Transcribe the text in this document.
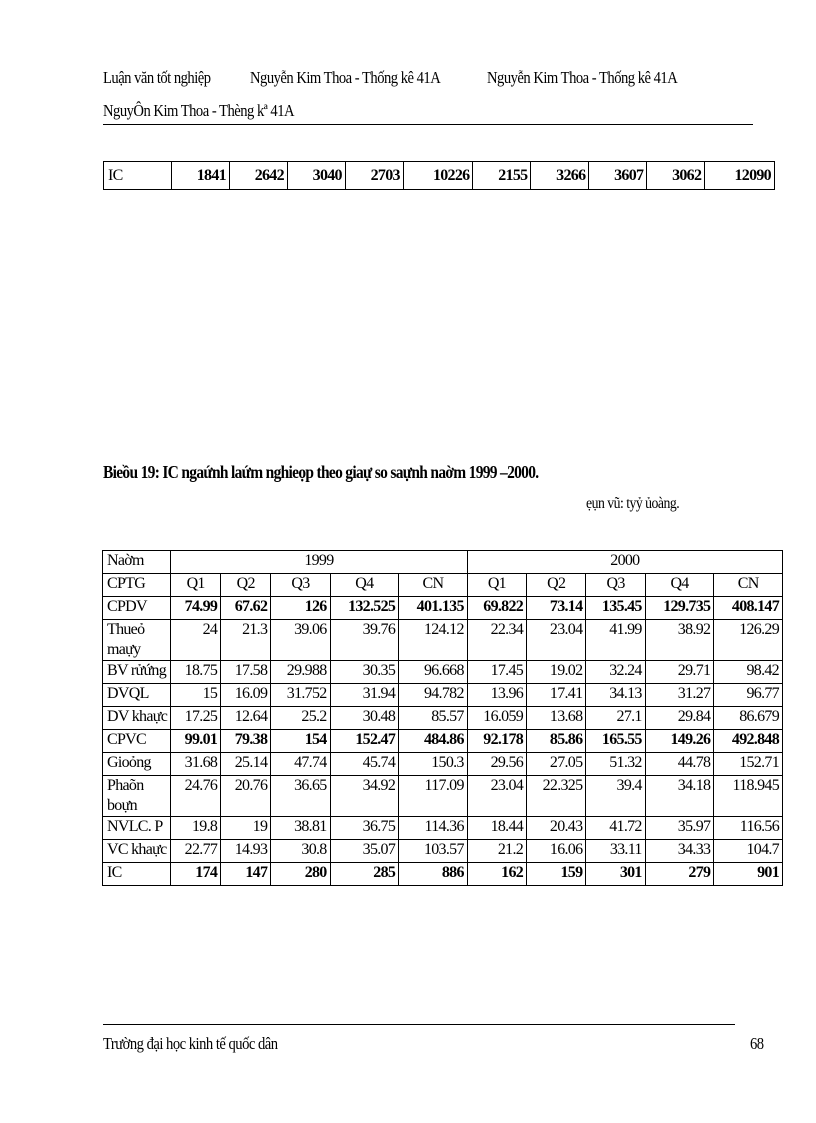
Luận văn tốt nghiệp Nguyễn Kim Thoa - Thống kê 41A	Nguyễn Kim Thoa - Thống kê 41A
NguyÔn Kim Thoa - Thèng kª 41A
IC	1841	2642	3040	2703	10226	2155	3266	3607	3062	12090
Bieồu 19: IC ngaứnh laứm nghieọp theo giaự so saựnh naờm 1999 –2000.
ẹụn vũ: tyỷ ủoàng.
Naờm	1999					2000				
CPTG	Q1	Q2	Q3	Q4	CN	Q1	Q2	Q3	Q4	CN
CPDV	74.99	67.62	126	132.525	401.135	69.822	73.14	135.45	129.735	408.147
Thueỏ maựy	24	21.3	39.06	39.76	124.12	22.34	23.04	41.99	38.92	126.29
BV rửứng	18.75	17.58	29.988	30.35	96.668	17.45	19.02	32.24	29.71	98.42
DVQL	15	16.09	31.752	31.94	94.782	13.96	17.41	34.13	31.27	96.77
DV khaực	17.25	12.64	25.2	30.48	85.57	16.059	13.68	27.1	29.84	86.679
CPVC	99.01	79.38	154	152.47	484.86	92.178	85.86	165.55	149.26	492.848
Gioỏng	31.68	25.14	47.74	45.74	150.3	29.56	27.05	51.32	44.78	152.71
Phaõn boựn	24.76	20.76	36.65	34.92	117.09	23.04	22.325	39.4	34.18	118.945
NVLC. P	19.8	19	38.81	36.75	114.36	18.44	20.43	41.72	35.97	116.56
VC khaực	22.77	14.93	30.8	35.07	103.57	21.2	16.06	33.11	34.33	104.7
IC	174	147	280	285	886	162	159	301	279	901
Trường đại học kinh tế quốc dân	68
